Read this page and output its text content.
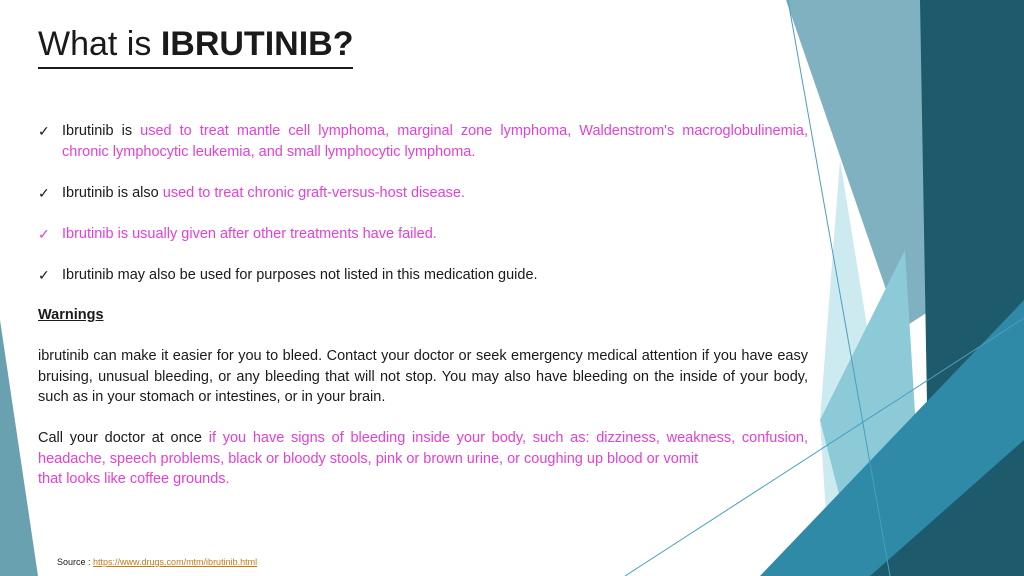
What is IBRUTINIB?
✓ Ibrutinib is used to treat mantle cell lymphoma, marginal zone lymphoma, Waldenstrom's macroglobulinemia, chronic lymphocytic leukemia, and small lymphocytic lymphoma.
✓ Ibrutinib is also used to treat chronic graft-versus-host disease.
✓ Ibrutinib is usually given after other treatments have failed.
✓ Ibrutinib may also be used for purposes not listed in this medication guide.
Warnings

ibrutinib can make it easier for you to bleed. Contact your doctor or seek emergency medical attention if you have easy bruising, unusual bleeding, or any bleeding that will not stop. You may also have bleeding on the inside of your body, such as in your stomach or intestines, or in your brain.

Call your doctor at once if you have signs of bleeding inside your body, such as: dizziness, weakness, confusion, headache, speech problems, black or bloody stools, pink or brown urine, or coughing up blood or vomit
that looks like coffee grounds.

Source : https://www.drugs.com/mtm/ibrutinib.html
